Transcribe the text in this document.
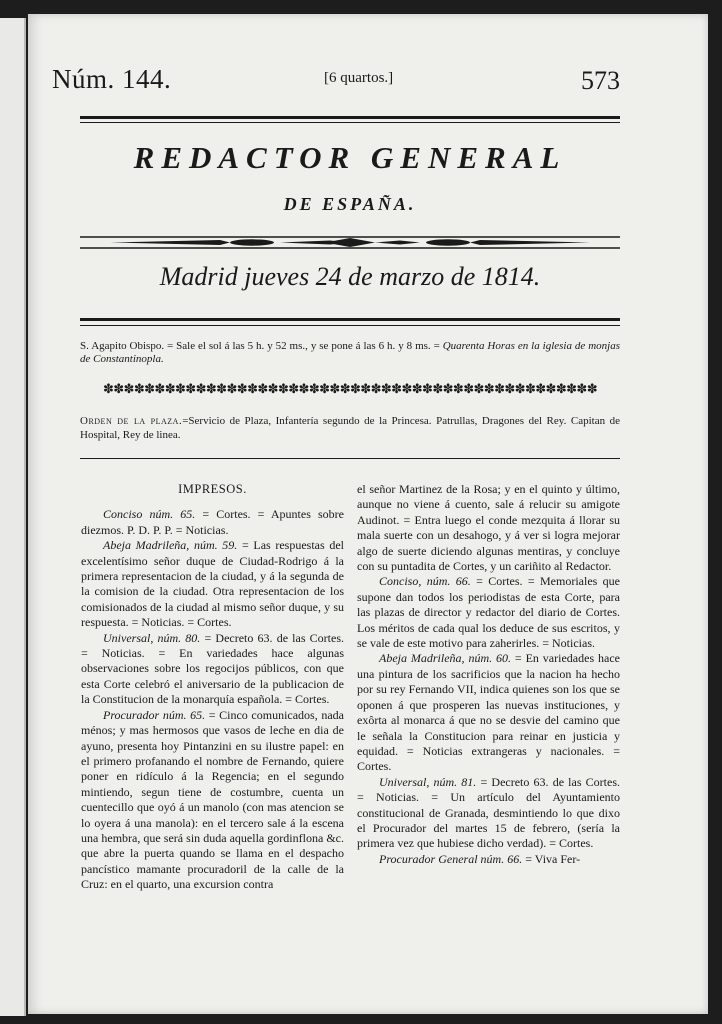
Núm. 144.	[6 quartos.]	573
REDACTOR GENERAL
DE ESPAÑA.
Madrid jueves 24 de marzo de 1814.
S. Agapito Obispo. = Sale el sol á las 5 h. y 52 ms., y se pone á las 6 h. y 8 ms. = Quarenta Horas en la iglesia de monjas de Constantinopla.
✽✽✽✽✽✽✽✽✽✽✽✽✽✽✽✽✽✽✽✽✽✽✽✽✽✽✽✽✽✽✽✽✽✽✽✽✽✽✽✽✽✽✽✽✽✽✽✽
Orden de la plaza.=Servicio de Plaza, Infantería segundo de la Princesa. Patrullas, Dragones del Rey. Capitan de Hospital, Rey de linea.

IMPRESOS.

Conciso núm. 65. = Cortes. = Apuntes sobre diezmos. P. D. P. P. = Noticias.

Abeja Madrileña, núm. 59. = Las respuestas del excelentísimo señor duque de Ciudad-Rodrigo á la primera representacion de la ciudad, y á la segunda de la comision de la ciudad. Otra representacion de los comisionados de la ciudad al mismo señor duque, y su respuesta. = Noticias. = Cortes.

Universal, núm. 80. = Decreto 63. de las Cortes. = Noticias. = En variedades hace algunas observaciones sobre los regocijos públicos, con que esta Corte celebró el aniversario de la publicacion de la Constitucion de la monarquía española. = Cortes.

Procurador núm. 65. = Cinco comunicados, nada ménos; y mas hermosos que vasos de leche en dia de ayuno, presenta hoy Pintanzini en su ilustre papel: en el primero profanando el nombre de Fernando, quiere poner en ridículo á la Regencia; en el segundo mintiendo, segun tiene de costumbre, cuenta un cuentecillo que oyó á un manolo (con mas atencion se lo oyera á una manola): en el tercero sale á la escena una hembra, que será sin duda aquella gordinflona &c. que abre la puerta quando se llama en el despacho pancístico mamante procuradoril de la calle de la Cruz: en el quarto, una excursion contra

el señor Martinez de la Rosa; y en el quinto y último, aunque no viene á cuento, sale á relucir su amigote Audinot. = Entra luego el conde mezquita á llorar su mala suerte con un desahogo, y á ver si logra mejorar algo de suerte diciendo algunas mentiras, y concluye con su puntadita de Cortes, y un cariñito al Redactor.

Conciso, núm. 66. = Cortes. = Memoriales que supone dan todos los periodistas de esta Corte, para las plazas de director y redactor del diario de Cortes. Los méritos de cada qual los deduce de sus escritos, y se vale de este motivo para zaherirles. = Noticias.

Abeja Madrileña, núm. 60. = En variedades hace una pintura de los sacrificios que la nacion ha hecho por su rey Fernando VII, indica quienes son los que se oponen á que prosperen las nuevas instituciones, y exôrta al monarca á que no se desvie del camino que le señala la Constitucion para reinar en justicia y equidad. = Noticias extrangeras y nacionales. = Cortes.

Universal, núm. 81. = Decreto 63. de las Cortes. = Noticias. = Un artículo del Ayuntamiento constitucional de Granada, desmintiendo lo que dixo el Procurador del martes 15 de febrero, (sería la primera vez que hubiese dicho verdad). = Cortes.

Procurador General núm. 66. = Viva Fer-
